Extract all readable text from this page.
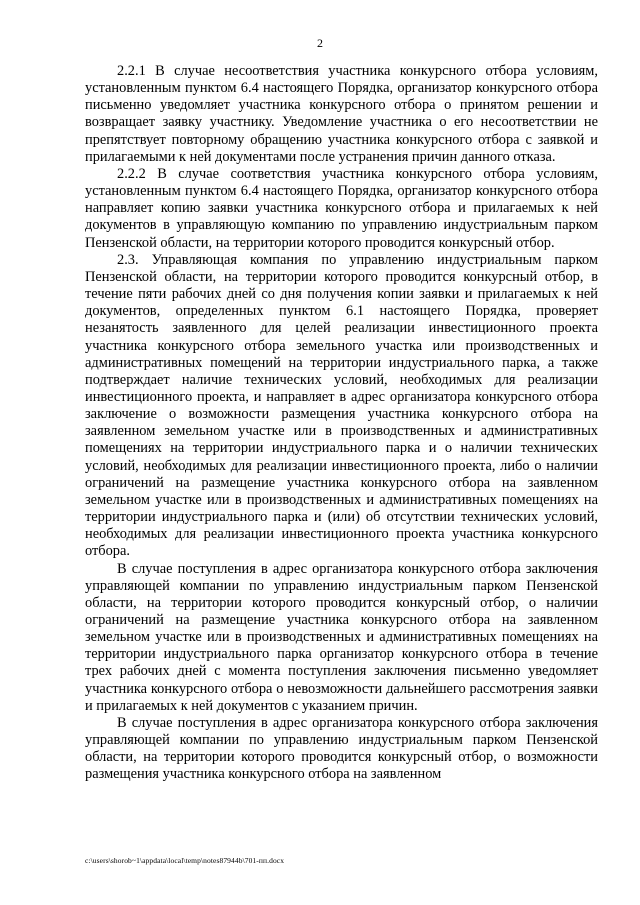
2

2.2.1 В случае несоответствия участника конкурсного отбора условиям, установленным пунктом 6.4 настоящего Порядка, организатор конкурсного отбора письменно уведомляет участника конкурсного отбора о принятом решении и возвращает заявку участнику. Уведомление участника о его несоответствии не препятствует повторному обращению участника конкурсного отбора с заявкой и прилагаемыми к ней документами после устранения причин данного отказа.

2.2.2 В случае соответствия участника конкурсного отбора условиям, установленным пунктом 6.4 настоящего Порядка, организатор конкурсного отбора направляет копию заявки участника конкурсного отбора и прилагаемых к ней документов в управляющую компанию по управлению индустриальным парком Пензенской области, на территории которого проводится конкурсный отбор.

2.3. Управляющая компания по управлению индустриальным парком Пензенской области, на территории которого проводится конкурсный отбор, в течение пяти рабочих дней со дня получения копии заявки и прилагаемых к ней документов, определенных пунктом 6.1 настоящего Порядка, проверяет незанятость заявленного для целей реализации инвестиционного проекта участника конкурсного отбора земельного участка или производственных и административных помещений на территории индустриального парка, а также подтверждает наличие технических условий, необходимых для реализации инвестиционного проекта, и направляет в адрес организатора конкурсного отбора заключение о возможности размещения участника конкурсного отбора на заявленном земельном участке или в производственных и административных помещениях на территории индустриального парка и о наличии технических условий, необходимых для реализации инвестиционного проекта, либо о наличии ограничений на размещение участника конкурсного отбора на заявленном земельном участке или в производственных и административных помещениях на территории индустриального парка и (или) об отсутствии технических условий, необходимых для реализации инвестиционного проекта участника конкурсного отбора.

В случае поступления в адрес организатора конкурсного отбора заключения управляющей компании по управлению индустриальным парком Пензенской области, на территории которого проводится конкурсный отбор, о наличии ограничений на размещение участника конкурсного отбора на заявленном земельном участке или в производственных и административных помещениях на территории индустриального парка организатор конкурсного отбора в течение трех рабочих дней с момента поступления заключения письменно уведомляет участника конкурсного отбора о невозможности дальнейшего рассмотрения заявки и прилагаемых к ней документов с указанием причин.

В случае поступления в адрес организатора конкурсного отбора заключения управляющей компании по управлению индустриальным парком Пензенской области, на территории которого проводится конкурсный отбор, о возможности размещения участника конкурсного отбора на заявленном

c:\users\shorob~1\appdata\local\temp\notes87944b\701-пп.docx
